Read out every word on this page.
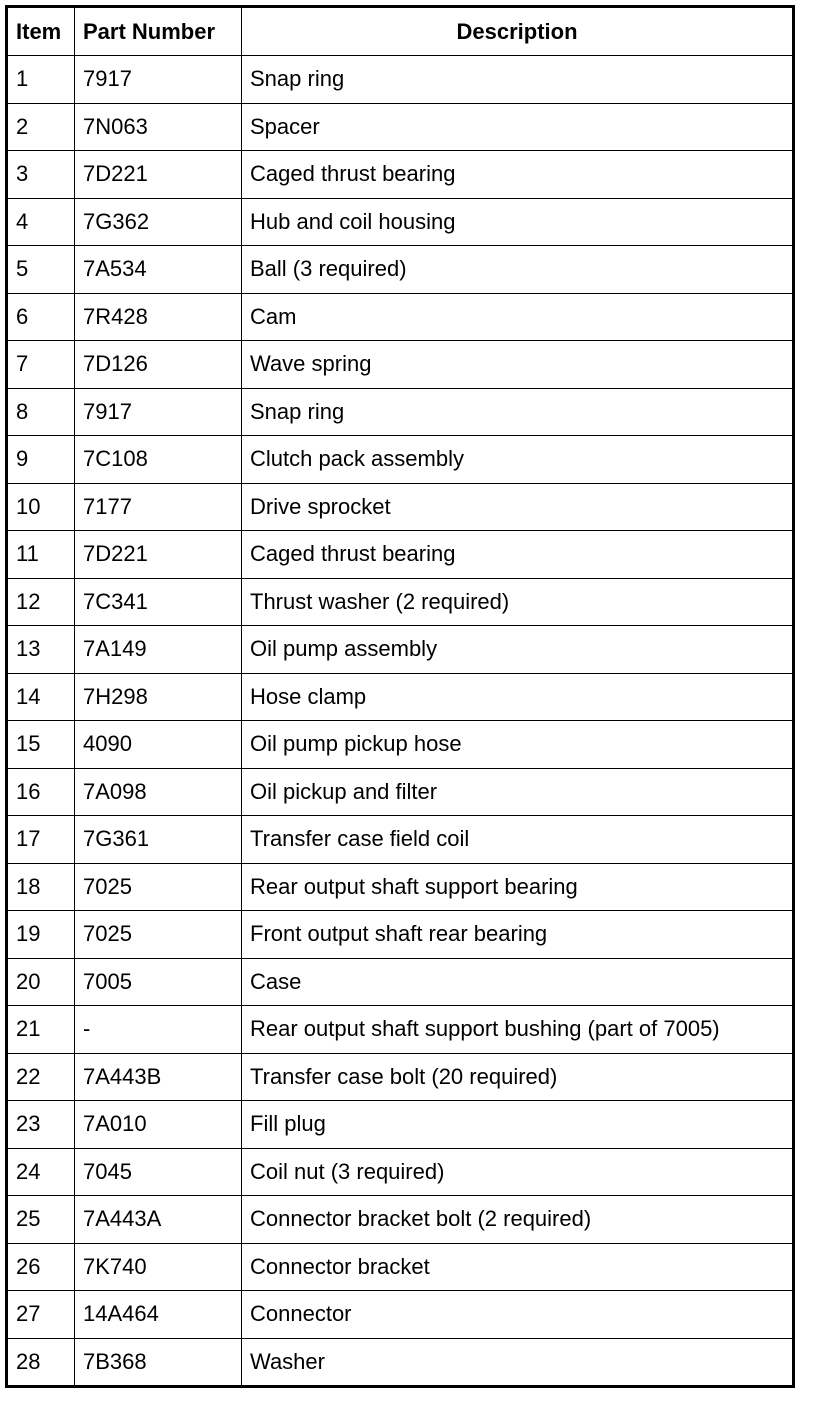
Item	Part Number	Description
1	7917	Snap ring
2	7N063	Spacer
3	7D221	Caged thrust bearing
4	7G362	Hub and coil housing
5	7A534	Ball (3 required)
6	7R428	Cam
7	7D126	Wave spring
8	7917	Snap ring
9	7C108	Clutch pack assembly
10	7177	Drive sprocket
11	7D221	Caged thrust bearing
12	7C341	Thrust washer (2 required)
13	7A149	Oil pump assembly
14	7H298	Hose clamp
15	4090	Oil pump pickup hose
16	7A098	Oil pickup and filter
17	7G361	Transfer case field coil
18	7025	Rear output shaft support bearing
19	7025	Front output shaft rear bearing
20	7005	Case
21	-	Rear output shaft support bushing (part of 7005)
22	7A443B	Transfer case bolt (20 required)
23	7A010	Fill plug
24	7045	Coil nut (3 required)
25	7A443A	Connector bracket bolt (2 required)
26	7K740	Connector bracket
27	14A464	Connector
28	7B368	Washer
